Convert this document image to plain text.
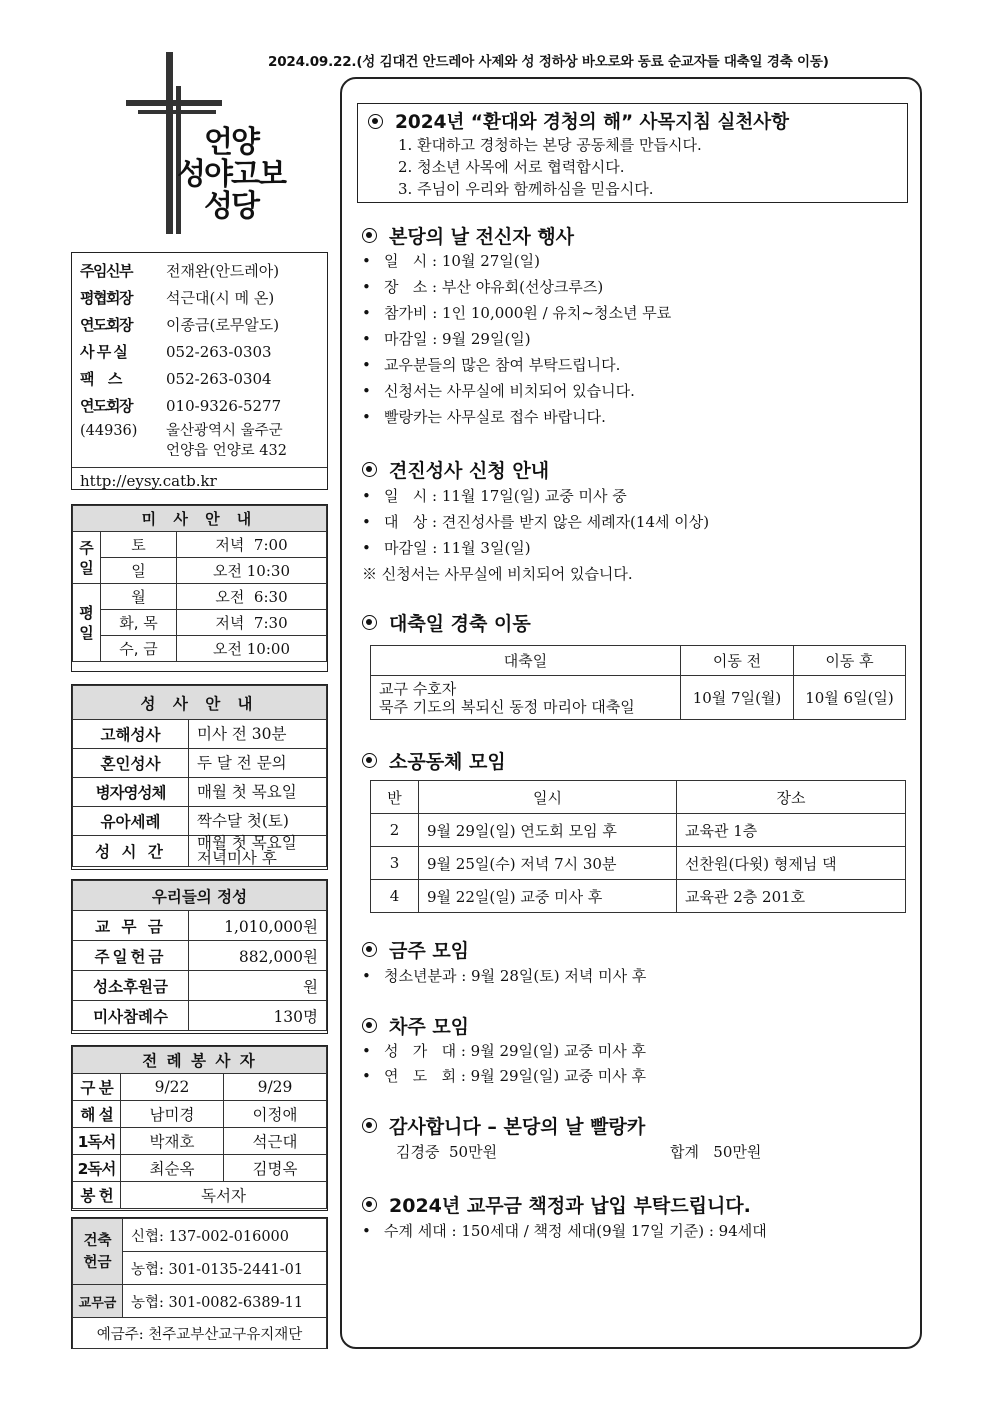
2024.09.22.(성 김대건 안드레아 사제와 성 정하상 바오로와 동료 순교자들 대축일 경축 이동)
언양
성야고보
성당
주임신부	전재완(안드레아)
평협회장	석근대(시 메 온)
연도회장	이종금(로무알도)
사 무 실	052-263-0303
팩    스	052-263-0304
연도회장	010-9326-5277
(44936)	울산광역시 울주군
언양읍 언양로 432
http://eysy.catb.kr
미 사 안 내		
주일	토	저녁  7:00
	일	오전 10:30
평일	월	오전  6:30
	화, 목	저녁  7:30
	수, 금	오전 10:00
성 사 안 내	
고해성사	미사 전 30분
혼인성사	두 달 전 문의
병자영성체	매월 첫 목요일
유아세례	짝수달 첫(토)
성 시 간	매월 첫 목요일
저녁미사 후
우리들의 정성	
교 무 금	1,010,000원
주일헌금	882,000원
성소후원금	원
미사참례수	130명
전 례 봉 사 자		
구 분	9/22	9/29
해 설	남미경	이정애
1독서	박재호	석근대
2독서	최순옥	김명옥
봉 헌	독서자	
건축헌금	신협: 137-002-016000
	농협: 301-0135-2441-01
교무금	농협: 301-0082-6389-11
예금주: 천주교부산교구유지재단	
2024년 “환대와 경청의 해” 사목지침 실천사항
1. 환대하고 경청하는 본당 공동체를 만듭시다.
2. 청소년 사목에 서로 협력합시다.
3. 주님이 우리와 함께하심을 믿읍시다.
본당의 날 전신자 행사
• 일   시 : 10월 27일(일)
• 장   소 : 부산 야유회(선상크루즈)
• 참가비 : 1인 10,000원 / 유치~청소년 무료
• 마감일 : 9월 29일(일)
• 교우분들의 많은 참여 부탁드립니다.
• 신청서는 사무실에 비치되어 있습니다.
• 빨랑카는 사무실로 접수 바랍니다.
견진성사 신청 안내
• 일   시 : 11월 17일(일) 교중 미사 중
• 대   상 : 견진성사를 받지 않은 세례자(14세 이상)
• 마감일 : 11월 3일(일)
※ 신청서는 사무실에 비치되어 있습니다.
대축일 경축 이동
대축일	이동 전	이동 후

교구 수호자
묵주 기도의 복되신 동정 마리아 대축일	10월 7일(월)	10월 6일(일)
소공동체 모임
반	일시	장소
2	9월 29일(일) 연도회 모임 후	교육관 1층
3	9월 25일(수) 저녁 7시 30분	선찬원(다윗) 형제님 댁
4	9월 22일(일) 교중 미사 후	교육관 2층 201호
금주 모임
• 청소년분과 : 9월 28일(토) 저녁 미사 후
차주 모임
• 성   가   대 : 9월 29일(일) 교중 미사 후
• 연   도   회 : 9월 29일(일) 교중 미사 후
감사합니다 – 본당의 날 빨랑카
김경중  50만원	합계   50만원
2024년 교무금 책정과 납입 부탁드립니다.
• 수계 세대 : 150세대 / 책정 세대(9월 17일 기준) : 94세대
